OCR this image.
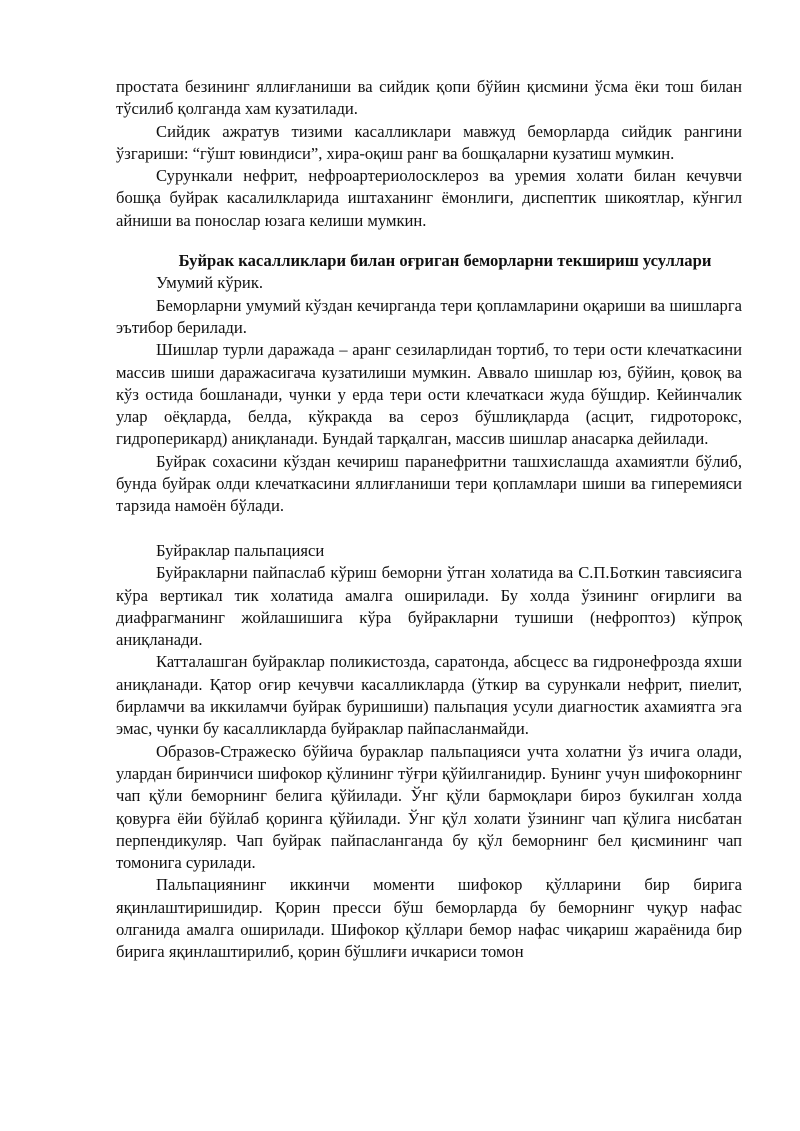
простата безининг яллиғланиши ва сийдик қопи бўйин қисмини ўсма ёки тош билан тўсилиб қолганда хам кузатилади.

Сийдик ажратув тизими касалликлари мавжуд беморларда сийдик рангини ўзгариши: “гўшт ювиндиси”, хира-оқиш ранг ва бошқаларни кузатиш мумкин.

Сурункали нефрит, нефроартериолосклероз ва уремия холати билан кечувчи бошқа буйрак касалилкларида иштаханинг ёмонлиги, диспептик шикоятлар, кўнгил айниши ва поноcлар юзага келиши мумкин.

Буйрак касалликлари билан оғриган беморларни текшириш усуллари

Умумий кўрик.

Беморларни умумий кўздан кечирганда тери қопламларини оқариши ва шишларга эътибор берилади.

Шишлар турли даражада – аранг сезиларлидан тортиб, то тери ости клечаткасини массив шиши даражасигача кузатилиши мумкин. Аввало шишлар юз, бўйин, қовоқ ва кўз остида бошланади, чунки у ерда тери ости клечаткаси жуда бўшдир. Кейинчалик улар оёқларда, белда, кўкракда ва сероз бўшлиқларда (асцит, гидроторокс, гидроперикард) аниқланади. Бундай тарқалган, массив шишлар анасарка дейилади.

Буйрак сохасини кўздан кечириш паранефритни ташхислашда ахамиятли бўлиб, бунда буйрак олди клечаткасини яллиғланиши тери қопламлари шиши ва гиперемияси тарзида намоён бўлади.

Буйраклар пальпацияси

Буйракларни пайпаслаб кўриш беморни ўтган холатида ва С.П.Боткин тавсиясига кўра вертикал тик холатида амалга оширилади. Бу холда ўзининг оғирлиги ва диафрагманинг жойлашишига кўра буйракларни тушиши (нефроптоз) кўпроқ аниқланади.

Катталашган буйраклар поликистозда, саратонда, абсцесс ва гидронефрозда яхши аниқланади. Қатор оғир кечувчи касалликларда (ўткир ва сурункали нефрит, пиелит, бирламчи ва иккиламчи буйрак буришиши) пальпация усули диагностик ахамиятга эга эмас, чунки бу касалликларда буйраклар пайпасланмайди.

Образов-Стражеско бўйича бураклар пальпацияси учта холатни ўз ичига олади, улардан биринчиси шифокор қўлининг тўғри қўйилганидир. Бунинг учун шифокорнинг чап қўли беморнинг белига қўйилади. Ўнг қўли бармоқлари бироз букилган холда қовурға ёйи бўйлаб қоринга қўйилади. Ўнг қўл холати ўзининг чап қўлига нисбатан перпендикуляр. Чап буйрак пайпасланганда бу қўл беморнинг бел қисмининг чап томонига сурилади.

Пальпациянинг иккинчи моменти шифокор қўлларини бир бирига яқинлаштиришидир. Қорин пресси бўш беморларда бу беморнинг чуқур нафас олганида амалга оширилади. Шифокор қўллари бемор нафас чиқариш жараёнида бир бирига яқинлаштирилиб, қорин бўшлиғи ичкариси томон
